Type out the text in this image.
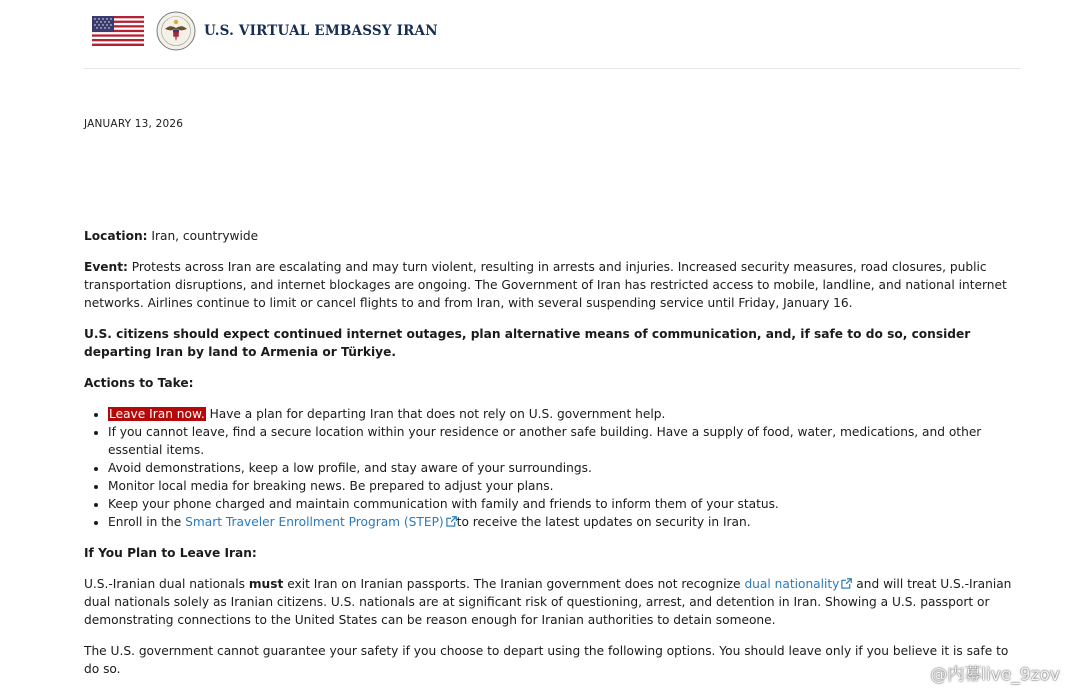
U.S. VIRTUAL EMBASSY IRAN
JANUARY 13, 2026

Location: Iran, countrywide

Event: Protests across Iran are escalating and may turn violent, resulting in arrests and injuries. Increased security measures, road closures, public transportation disruptions, and internet blockages are ongoing. The Government of Iran has restricted access to mobile, landline, and national internet networks. Airlines continue to limit or cancel flights to and from Iran, with several suspending service until Friday, January 16.

U.S. citizens should expect continued internet outages, plan alternative means of communication, and, if safe to do so, consider departing Iran by land to Armenia or Türkiye.

Actions to Take:

• Leave Iran now. Have a plan for departing Iran that does not rely on U.S. government help.
• If you cannot leave, find a secure location within your residence or another safe building. Have a supply of food, water, medications, and other essential items.
• Avoid demonstrations, keep a low profile, and stay aware of your surroundings.
• Monitor local media for breaking news. Be prepared to adjust your plans.
• Keep your phone charged and maintain communication with family and friends to inform them of your status.
• Enroll in the Smart Traveler Enrollment Program (STEP) to receive the latest updates on security in Iran.

If You Plan to Leave Iran:

U.S.-Iranian dual nationals must exit Iran on Iranian passports. The Iranian government does not recognize dual nationality and will treat U.S.-Iranian dual nationals solely as Iranian citizens. U.S. nationals are at significant risk of questioning, arrest, and detention in Iran. Showing a U.S. passport or demonstrating connections to the United States can be reason enough for Iranian authorities to detain someone.

The U.S. government cannot guarantee your safety if you choose to depart using the following options. You should leave only if you believe it is safe to do so.	@内幕live_9zov
